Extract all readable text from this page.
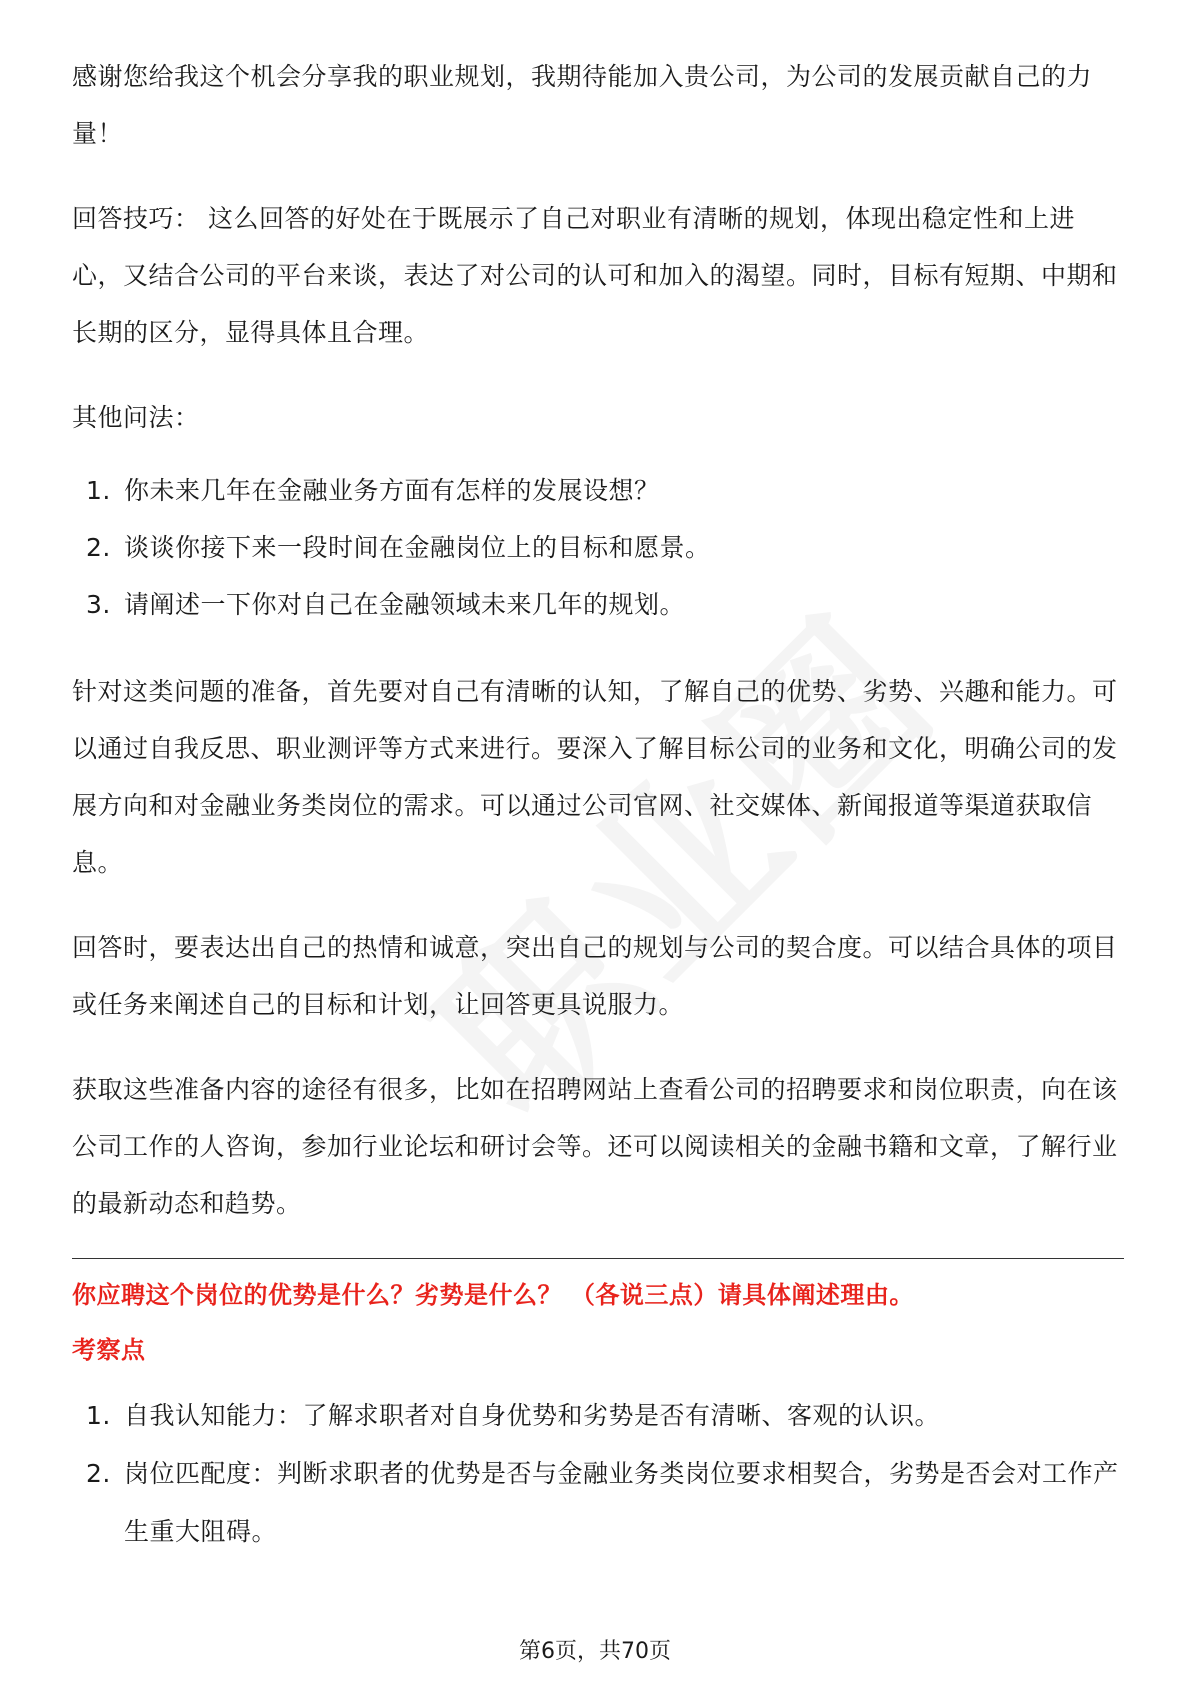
感谢您给我这个机会分享我的职业规划，我期待能加入贵公司，为公司的发展贡献自己的力量！

回答技巧： 这么回答的好处在于既展示了自己对职业有清晰的规划，体现出稳定性和上进心，又结合公司的平台来谈，表达了对公司的认可和加入的渴望。同时，目标有短期、中期和长期的区分，显得具体且合理。

其他问法：

1. 你未来几年在金融业务方面有怎样的发展设想？
2. 谈谈你接下来一段时间在金融岗位上的目标和愿景。
3. 请阐述一下你对自己在金融领域未来几年的规划。

针对这类问题的准备，首先要对自己有清晰的认知，了解自己的优势、劣势、兴趣和能力。可以通过自我反思、职业测评等方式来进行。要深入了解目标公司的业务和文化，明确公司的发展方向和对金融业务类岗位的需求。可以通过公司官网、社交媒体、新闻报道等渠道获取信息。

回答时，要表达出自己的热情和诚意，突出自己的规划与公司的契合度。可以结合具体的项目或任务来阐述自己的目标和计划，让回答更具说服力。

获取这些准备内容的途径有很多，比如在招聘网站上查看公司的招聘要求和岗位职责，向在该公司工作的人咨询，参加行业论坛和研讨会等。还可以阅读相关的金融书籍和文章，了解行业的最新动态和趋势。

你应聘这个岗位的优势是什么？劣势是什么？ （各说三点）请具体阐述理由。

考察点

1. 自我认知能力：了解求职者对自身优势和劣势是否有清晰、客观的认识。
2. 岗位匹配度：判断求职者的优势是否与金融业务类岗位要求相契合，劣势是否会对工作产生重大阻碍。
第6页，共70页
